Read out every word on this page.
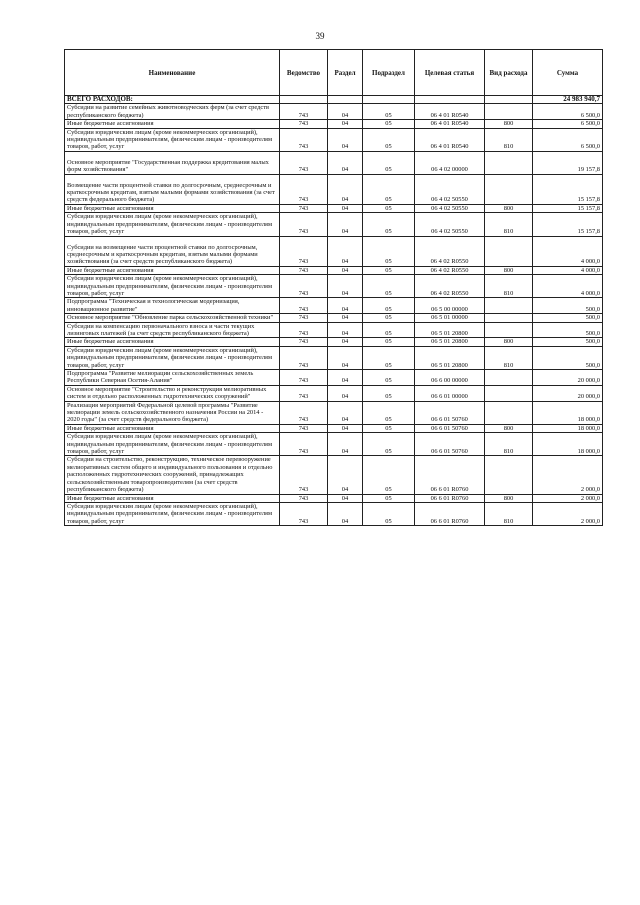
39
Наименование	Ведомство	Раздел	Подраздел	Целевая статья	Вид расхода	Сумма
ВСЕГО РАСХОДОВ:						24 983 940,7
Субсидии на развитие семейных животноводческих ферм (за счет средств республиканского бюджета)	743	04	05	06 4 01 R0540		6 500,0
Иные бюджетные ассигнования	743	04	05	06 4 01 R0540	800	6 500,0
Субсидии юридическим лицам (кроме некоммерческих организаций), индивидуальным предпринимателям, физическим лицам - производителям товаров, работ, услуг	743	04	05	06 4 01 R0540	810	6 500,0
Основное мероприятие "Государственная поддержка кредитования малых форм хозяйствования"	743	04	05	06 4 02 00000		19 157,8
Возмещение части процентной ставки по долгосрочным, среднесрочным и краткосрочным кредитам, взятым малыми формами хозяйствования (за счет средств федерального бюджета)	743	04	05	06 4 02 50550		15 157,8
Иные бюджетные ассигнования	743	04	05	06 4 02 50550	800	15 157,8
Субсидии юридическим лицам (кроме некоммерческих организаций), индивидуальным предпринимателям, физическим лицам - производителям товаров, работ, услуг	743	04	05	06 4 02 50550	810	15 157,8
Субсидии на возмещение части процентной ставки по долгосрочным, среднесрочным и краткосрочным кредитам, взятым малыми формами хозяйствования (за счет средств республиканского бюджета)	743	04	05	06 4 02 R0550		4 000,0
Иные бюджетные ассигнования	743	04	05	06 4 02 R0550	800	4 000,0
Субсидии юридическим лицам (кроме некоммерческих организаций), индивидуальным предпринимателям, физическим лицам - производителям товаров, работ, услуг	743	04	05	06 4 02 R0550	810	4 000,0
Подпрограмма "Техническая и технологическая модернизация, инновационное развитие"	743	04	05	06 5 00 00000		500,0
Основное мероприятие "Обновление парка сельскохозяйственной техники"	743	04	05	06 5 01 00000		500,0
Субсидии на компенсацию первоначального взноса и части текущих лизинговых платежей (за счет средств республиканского бюджета)	743	04	05	06 5 01 20800		500,0
Иные бюджетные ассигнования	743	04	05	06 5 01 20800	800	500,0
Субсидии юридическим лицам (кроме некоммерческих организаций), индивидуальным предпринимателям, физическим лицам - производителям товаров, работ, услуг	743	04	05	06 5 01 20800	810	500,0
Подпрограмма "Развитие мелиорации сельскохозяйственных земель Республики Северная Осетия-Алания"	743	04	05	06 6 00 00000		20 000,0
Основное мероприятие "Строительство и реконструкция мелиоративных систем и отдельно расположенных гидротехнических сооружений"	743	04	05	06 6 01 00000		20 000,0
Реализация мероприятий Федеральной целевой программы "Развитие мелиорации земель сельскохозяйственного назначения России на 2014 - 2020 годы" (за счет средств федерального бюджета)	743	04	05	06 6 01 50760		18 000,0
Иные бюджетные ассигнования	743	04	05	06 6 01 50760	800	18 000,0
Субсидии юридическим лицам (кроме некоммерческих организаций), индивидуальным предпринимателям, физическим лицам - производителям товаров, работ, услуг	743	04	05	06 6 01 50760	810	18 000,0
Субсидии на строительство, реконструкцию, техническое перевооружение мелиоративных систем общего и индивидуального пользования и отдельно расположенных гидротехнических сооружений, принадлежащих сельскохозяйственным товаропроизводителям (за счет средств республиканского бюджета)	743	04	05	06 6 01 R0760		2 000,0
Иные бюджетные ассигнования	743	04	05	06 6 01 R0760	800	2 000,0
Субсидии юридическим лицам (кроме некоммерческих организаций), индивидуальным предпринимателям, физическим лицам - производителям товаров, работ, услуг	743	04	05	06 6 01 R0760	810	2 000,0
